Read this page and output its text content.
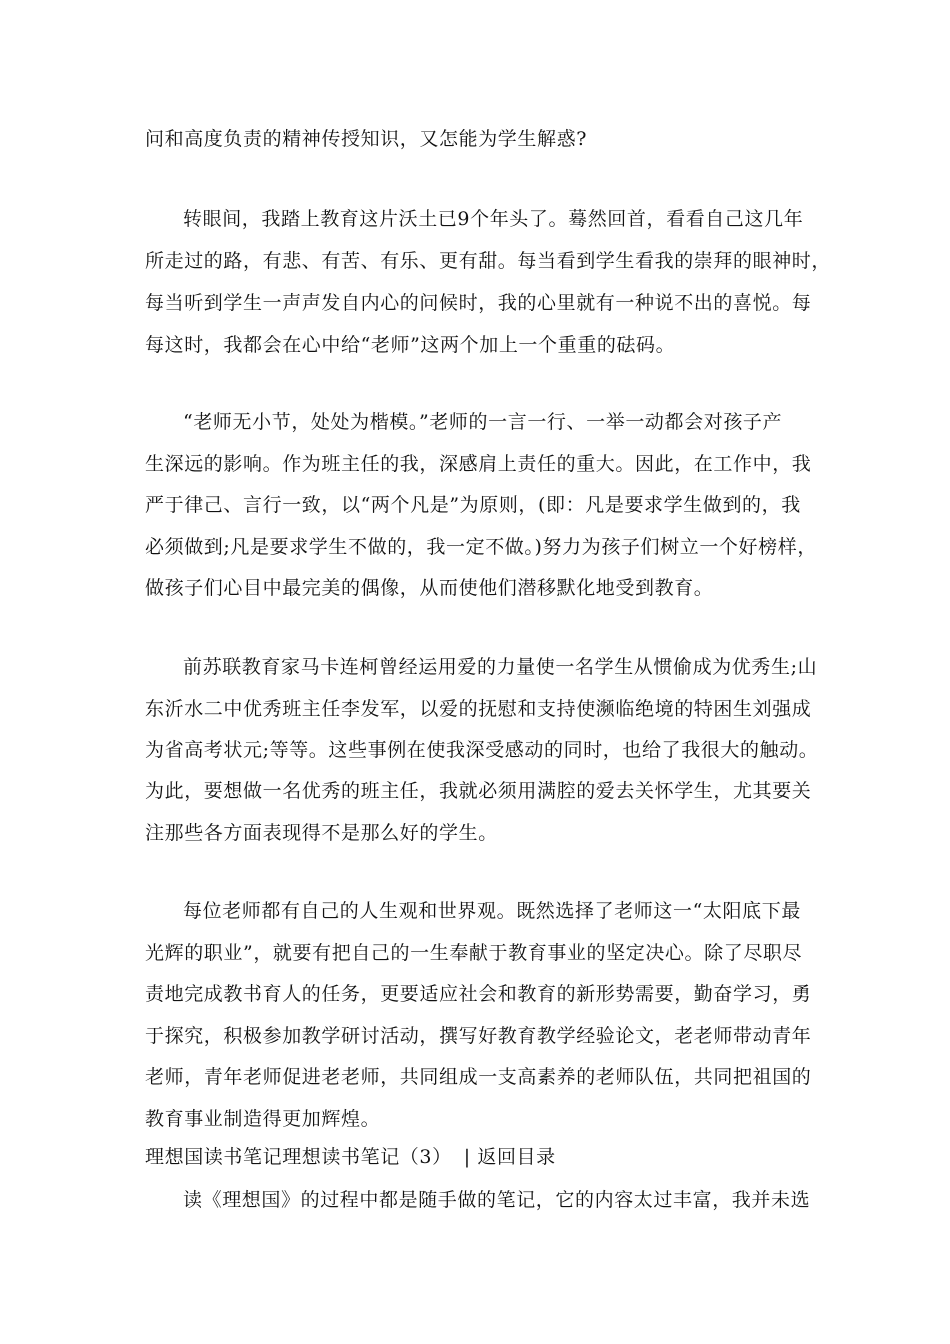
问和高度负责的精神传授知识，又怎能为学生解惑?
转眼间，我踏上教育这片沃土已9个年头了。蓦然回首，看看自己这几年
所走过的路，有悲、有苦、有乐、更有甜。每当看到学生看我的崇拜的眼神时，
每当听到学生一声声发自内心的问候时，我的心里就有一种说不出的喜悦。每
每这时，我都会在心中给“老师”这两个加上一个重重的砝码。
“老师无小节，处处为楷模。”老师的一言一行、一举一动都会对孩子产
生深远的影响。作为班主任的我，深感肩上责任的重大。因此，在工作中，我
严于律己、言行一致，以“两个凡是”为原则，(即：凡是要求学生做到的，我
必须做到;凡是要求学生不做的，我一定不做。)努力为孩子们树立一个好榜样，
做孩子们心目中最完美的偶像，从而使他们潜移默化地受到教育。
前苏联教育家马卡连柯曾经运用爱的力量使一名学生从惯偷成为优秀生;山
东沂水二中优秀班主任李发军，以爱的抚慰和支持使濒临绝境的特困生刘强成
为省高考状元;等等。这些事例在使我深受感动的同时，也给了我很大的触动。
为此，要想做一名优秀的班主任，我就必须用满腔的爱去关怀学生，尤其要关
注那些各方面表现得不是那么好的学生。
每位老师都有自己的人生观和世界观。既然选择了老师这一“太阳底下最
光辉的职业”，就要有把自己的一生奉献于教育事业的坚定决心。除了尽职尽
责地完成教书育人的任务，更要适应社会和教育的新形势需要，勤奋学习，勇
于探究，积极参加教学研讨活动，撰写好教育教学经验论文，老老师带动青年
老师，青年老师促进老老师，共同组成一支高素养的老师队伍，共同把祖国的
教育事业制造得更加辉煌。
理想国读书笔记理想读书笔记（3） | 返回目录
读《理想国》的过程中都是随手做的笔记，它的内容太过丰富，我并未选
